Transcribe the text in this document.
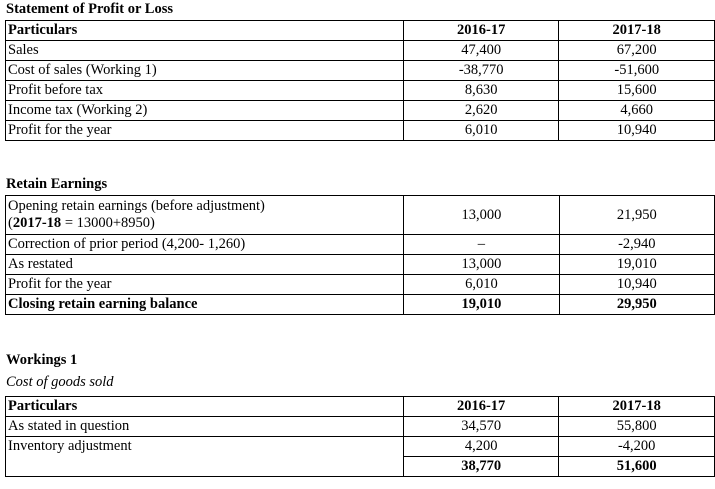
Statement of Profit or Loss
Particulars	2016-17	2017-18
Sales	47,400	67,200
Cost of sales (Working 1)	-38,770	-51,600
Profit before tax	8,630	15,600
Income tax (Working 2)	2,620	4,660
Profit for the year	6,010	10,940
Retain Earnings
Opening retain earnings (before adjustment)
(2017-18 = 13000+8950)	13,000	21,950
Correction of prior period (4,200- 1,260)	–	-2,940
As restated	13,000	19,010
Profit for the year	6,010	10,940
Closing retain earning balance	19,010	29,950
Workings 1
Cost of goods sold
Particulars	2016-17	2017-18
As stated in question	34,570	55,800
Inventory adjustment	4,200	-4,200
	38,770	51,600
